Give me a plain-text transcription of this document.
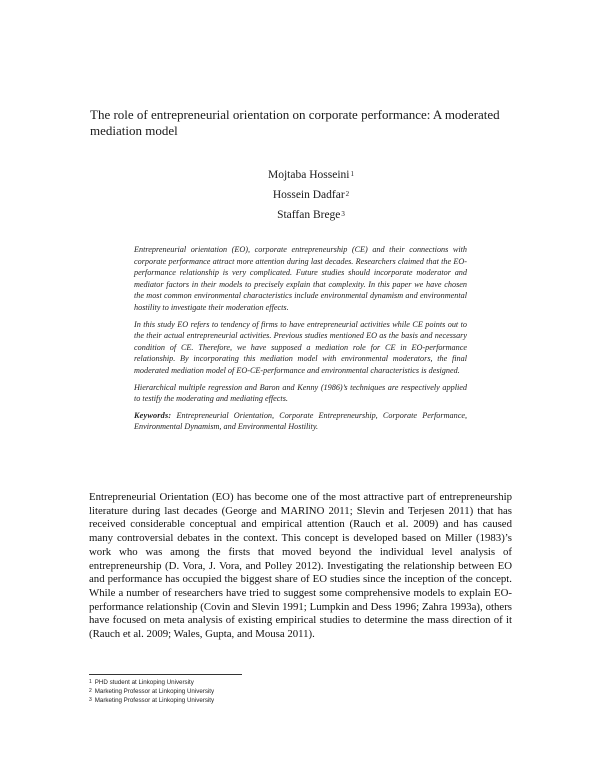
The role of entrepreneurial orientation on corporate performance: A moderated mediation model
Mojtaba Hosseini$^1$
Hossein Dadfar$^2$
Staffan Brege$^3$

Entrepreneurial orientation (EO), corporate entrepreneurship (CE) and their connections with corporate performance attract more attention during last decades. Researchers claimed that the EO-performance relationship is very complicated. Future studies should incorporate moderator and mediator factors in their models to precisely explain that complexity. In this paper we have chosen the most common environmental characteristics include environmental dynamism and environmental hostility to investigate their moderation effects.

In this study EO refers to tendency of firms to have entrepreneurial activities while CE points out to the their actual entrepreneurial activities. Previous studies mentioned EO as the basis and necessary condition of CE. Therefore, we have supposed a mediation role for CE in EO-performance relationship. By incorporating this mediation model with environmental moderators, the final moderated mediation model of EO-CE-performance and environmental characteristics is designed.

Hierarchical multiple regression and Baron and Kenny (1986)’s techniques are respectively applied to testify the moderating and mediating effects.

Keywords: Entrepreneurial Orientation, Corporate Entrepreneurship, Corporate Performance, Environmental Dynamism, and Environmental Hostility.

Entrepreneurial Orientation (EO) has become one of the most attractive part of entrepreneurship literature during last decades (George and MARINO 2011; Slevin and Terjesen 2011) that has received considerable conceptual and empirical attention (Rauch et al. 2009) and has caused many controversial debates in the context. This concept is developed based on Miller (1983)’s work who was among the firsts that moved beyond the individual level analysis of entrepreneurship (D. Vora, J. Vora, and Polley 2012). Investigating the relationship between EO and performance has occupied the biggest share of EO studies since the inception of the concept. While a number of researchers have tried to suggest some comprehensive models to explain EO-performance relationship (Covin and Slevin 1991; Lumpkin and Dess 1996; Zahra 1993a), others have focused on meta analysis of existing empirical studies to determine the mass direction of it (Rauch et al. 2009; Wales, Gupta, and Mousa 2011).

$^1$ PHD student at Linkoping University
$^2$ Marketing Professor at Linkoping University
$^3$ Marketing Professor at Linkoping University
